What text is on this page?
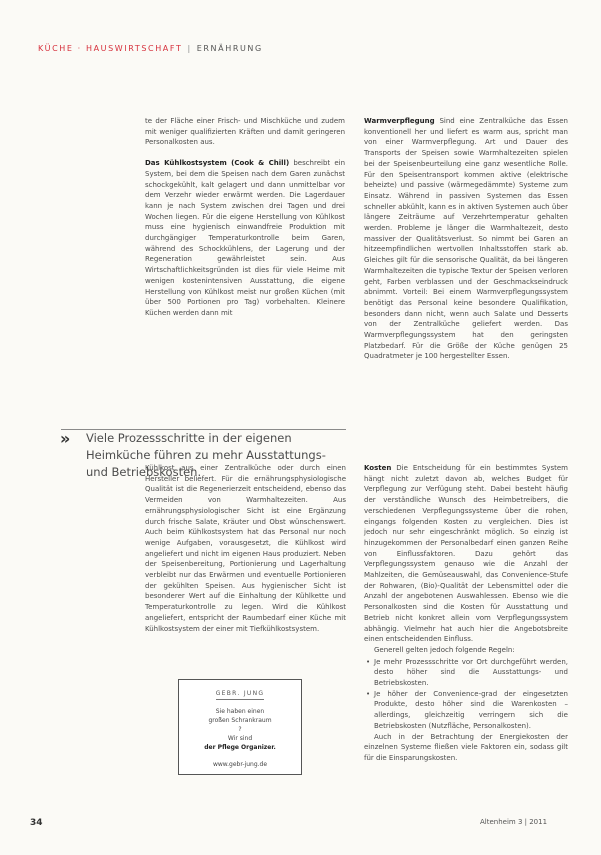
KÜCHE · HAUSWIRTSCHAFT | ERNÄHRUNG

te der Fläche einer Frisch- und Mischküche und zudem mit weniger qualifizierten Kräften und damit geringeren Personalkosten aus.

Das Kühlkostsystem (Cook & Chill) beschreibt ein System, bei dem die Speisen nach dem Garen zunächst schockgekühlt, kalt gelagert und dann unmittelbar vor dem Verzehr wieder erwärmt werden. Die Lagerdauer kann je nach System zwischen drei Tagen und drei Wochen liegen. Für die eigene Herstellung von Kühlkost muss eine hygienisch einwandfreie Produktion mit durchgängiger Temperaturkontrolle beim Garen, während des Schockkühlens, der Lagerung und der Regeneration gewährleistet sein. Aus Wirtschaftlichkeitsgründen ist dies für viele Heime mit wenigen kostenintensiven Ausstattung, die eigene Herstellung von Kühlkost meist nur großen Küchen (mit über 500 Portionen pro Tag) vorbehalten. Kleinere Küchen werden dann mit

» Viele Prozessschritte in der eigenen Heimküche führen zu mehr Ausstattungs- und Betriebskosten.

Kühlkost aus einer Zentralküche oder durch einen Hersteller beliefert. Für die ernährungsphysiologische Qualität ist die Regenerierzeit entscheidend, ebenso das Vermeiden von Warmhaltezeiten. Aus ernährungsphysiologischer Sicht ist eine Ergänzung durch frische Salate, Kräuter und Obst wünschenswert. Auch beim Kühlkostsystem hat das Personal nur noch wenige Aufgaben, vorausgesetzt, die Kühlkost wird angeliefert und nicht im eigenen Haus produziert. Neben der Speisenbereitung, Portionierung und Lagerhaltung verbleibt nur das Erwärmen und eventuelle Portionieren der gekühlten Speisen. Aus hygienischer Sicht ist besonderer Wert auf die Einhaltung der Kühlkette und Temperaturkontrolle zu legen. Wird die Kühlkost angeliefert, entspricht der Raumbedarf einer Küche mit Kühlkostsystem der einer mit Tiefkühlkostsystem.

GEBR. JUNG
Sie haben einen
großen Schrankraum
?
Wir sind
der Pflege Organizer.
www.gebr-jung.de

Warmverpflegung Sind eine Zentralküche das Essen konventionell her und liefert es warm aus, spricht man von einer Warmverpflegung. Art und Dauer des Transports der Speisen sowie Warmhaltezeiten spielen bei der Speisenbeurteilung eine ganz wesentliche Rolle. Für den Speisentransport kommen aktive (elektrische beheizte) und passive (wärmegedämmte) Systeme zum Einsatz. Während in passiven Systemen das Essen schneller abkühlt, kann es in aktiven Systemen auch über längere Zeiträume auf Verzehrtemperatur gehalten werden. Probleme je länger die Warmhaltezeit, desto massiver der Qualitätsverlust. So nimmt bei Garen an hitzeempfindlichen wertvollen Inhaltsstoffen stark ab. Gleiches gilt für die sensorische Qualität, da bei längeren Warmhaltezeiten die typische Textur der Speisen verloren geht, Farben verblassen und der Geschmackseindruck abnimmt. Vorteil: Bei einem Warmverpflegungssystem benötigt das Personal keine besondere Qualifikation, besonders dann nicht, wenn auch Salate und Desserts von der Zentralküche geliefert werden. Das Warmverpflegungssystem hat den geringsten Platzbedarf. Für die Größe der Küche genügen 25 Quadratmeter je 100 hergestellter Essen.

Kosten Die Entscheidung für ein bestimmtes System hängt nicht zuletzt davon ab, welches Budget für Verpflegung zur Verfügung steht. Dabei besteht häufig der verständliche Wunsch des Heimbetreibers, die verschiedenen Verpflegungssysteme über die rohen, eingangs folgenden Kosten zu vergleichen. Dies ist jedoch nur sehr eingeschränkt möglich. So einzig ist hinzugekommen der Personalbedarf einen ganzen Reihe von Einflussfaktoren. Dazu gehört das Verpflegungssystem genauso wie die Anzahl der Mahlzeiten, die Gemüseauswahl, das Convenience-Stufe der Rohwaren, (Bio)-Qualität der Lebensmittel oder die Anzahl der angebotenen Auswahlessen. Ebenso wie die Personalkosten sind die Kosten für Ausstattung und Betrieb nicht konkret allein vom Verpflegungssystem abhängig. Vielmehr hat auch hier die Angebotsbreite einen entscheidenden Einfluss.

Generell gelten jedoch folgende Regeln:

• Je mehr Prozessschritte vor Ort durchgeführt werden, desto höher sind die Ausstattungs- und Betriebskosten.
• Je höher der Convenience-grad der eingesetzten Produkte, desto höher sind die Warenkosten – allerdings, gleichzeitig verringern sich die Betriebskosten (Nutzfläche, Personalkosten).

Auch in der Betrachtung der Energiekosten der einzelnen Systeme fließen viele Faktoren ein, sodass gilt für die Einsparungskosten.

34	Altenheim 3 | 2011
